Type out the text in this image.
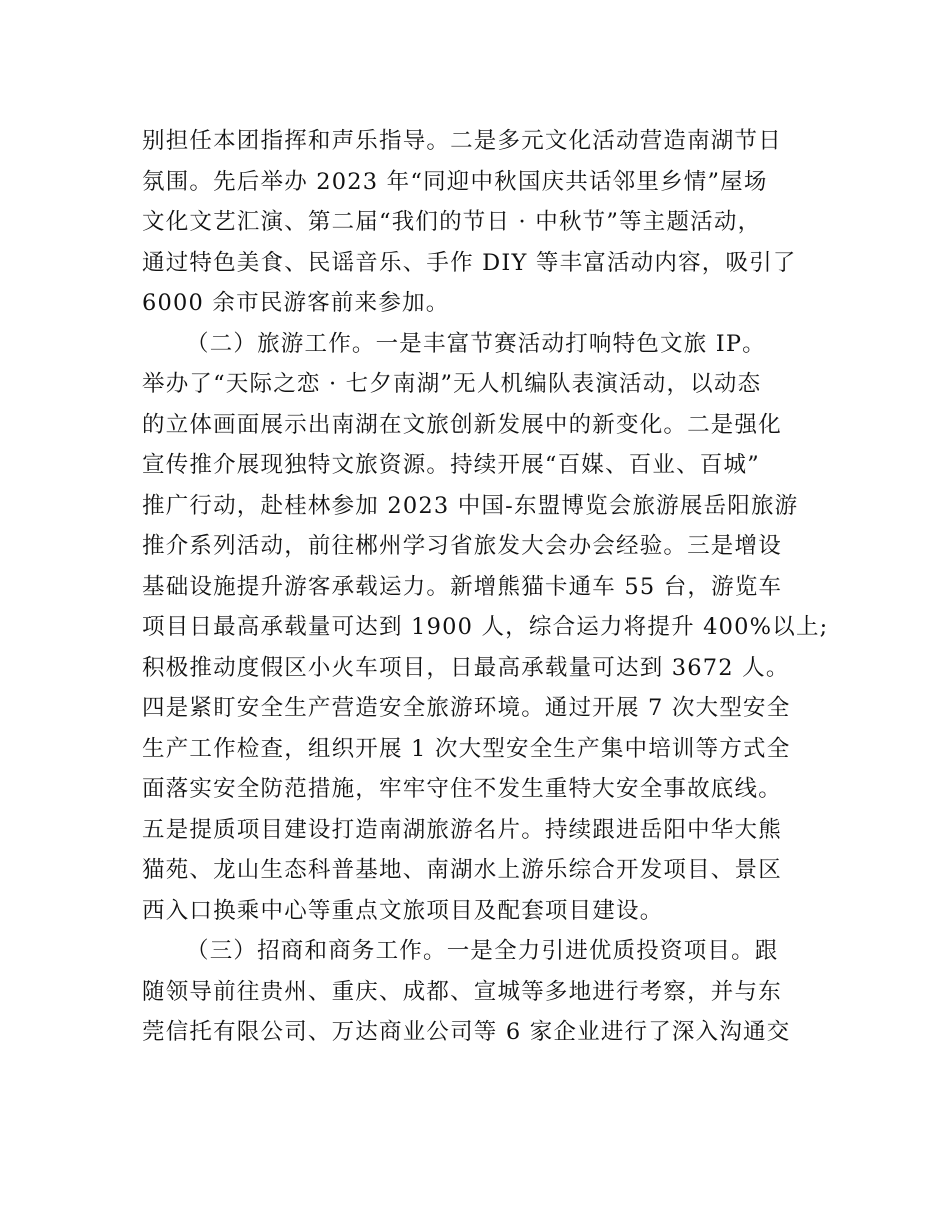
别担任本团指挥和声乐指导。二是多元文化活动营造南湖节日
氛围。先后举办 2023 年“同迎中秋国庆共话邻里乡情”屋场
文化文艺汇演、第二届“我们的节日 · 中秋节”等主题活动，
通过特色美食、民谣音乐、手作 DIY 等丰富活动内容，吸引了
6000 余市民游客前来参加。
（二）旅游工作。一是丰富节赛活动打响特色文旅 IP。
举办了“天际之恋 · 七夕南湖”无人机编队表演活动，以动态
的立体画面展示出南湖在文旅创新发展中的新变化。二是强化
宣传推介展现独特文旅资源。持续开展“百媒、百业、百城”
推广行动，赴桂林参加 2023 中国-东盟博览会旅游展岳阳旅游
推介系列活动，前往郴州学习省旅发大会办会经验。三是增设
基础设施提升游客承载运力。新增熊猫卡通车 55 台，游览车
项目日最高承载量可达到 1900 人，综合运力将提升 400%以上;
积极推动度假区小火车项目，日最高承载量可达到 3672 人。
四是紧盯安全生产营造安全旅游环境。通过开展 7 次大型安全
生产工作检查，组织开展 1 次大型安全生产集中培训等方式全
面落实安全防范措施，牢牢守住不发生重特大安全事故底线。
五是提质项目建设打造南湖旅游名片。持续跟进岳阳中华大熊
猫苑、龙山生态科普基地、南湖水上游乐综合开发项目、景区
西入口换乘中心等重点文旅项目及配套项目建设。
（三）招商和商务工作。一是全力引进优质投资项目。跟
随领导前往贵州、重庆、成都、宣城等多地进行考察，并与东
莞信托有限公司、万达商业公司等 6 家企业进行了深入沟通交
